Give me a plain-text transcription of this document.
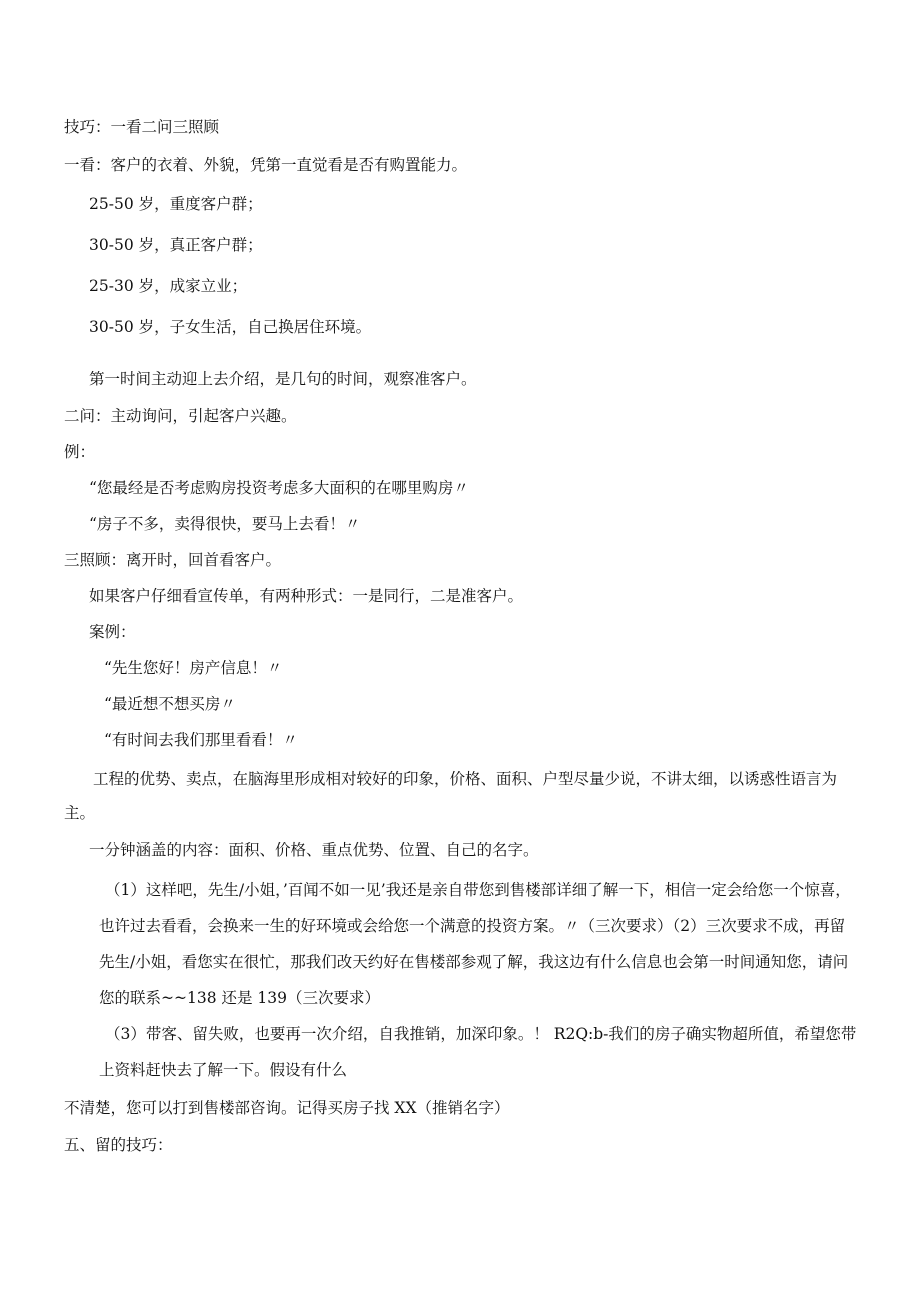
技巧：一看二问三照顾
一看：客户的衣着、外貌，凭第一直觉看是否有购置能力。
25-50 岁，重度客户群；
30-50 岁，真正客户群；
25-30 岁，成家立业；
30-50 岁，子女生活，自己换居住环境。
第一时间主动迎上去介绍，是几句的时间，观察准客户。
二问：主动询问，引起客户兴趣。
例：
“您最经是否考虑购房投资考虑多大面积的在哪里购房〃
“房子不多，卖得很快，要马上去看！〃
三照顾：离开时，回首看客户。
如果客户仔细看宣传单，有两种形式：一是同行，二是准客户。
案例：
“先生您好！房产信息！〃
“最近想不想买房〃
“有时间去我们那里看看！〃
工程的优势、卖点，在脑海里形成相对较好的印象，价格、面积、户型尽量少说，不讲太细，以诱惑性语言为主。
一分钟涵盖的内容：面积、价格、重点优势、位置、自己的名字。
（1）这样吧，先生/小姐，’百闻不如一见’我还是亲自带您到售楼部详细了解一下，相信一定会给您一个惊喜，也许过去看看，会换来一生的好环境或会给您一个满意的投资方案。〃（三次要求）（2）三次要求不成，再留先生/小姐，看您实在很忙，那我们改天约好在售楼部参观了解，我这边有什么信息也会第一时间通知您，请问您的联系~~138 还是 139（三次要求）
（3）带客、留失败，也要再一次介绍，自我推销，加深印象。！ R2Q:b-我们的房子确实物超所值，希望您带上资料赶快去了解一下。假设有什么
不清楚，您可以打到售楼部咨询。记得买房子找 XX（推销名字）
五、留的技巧：
